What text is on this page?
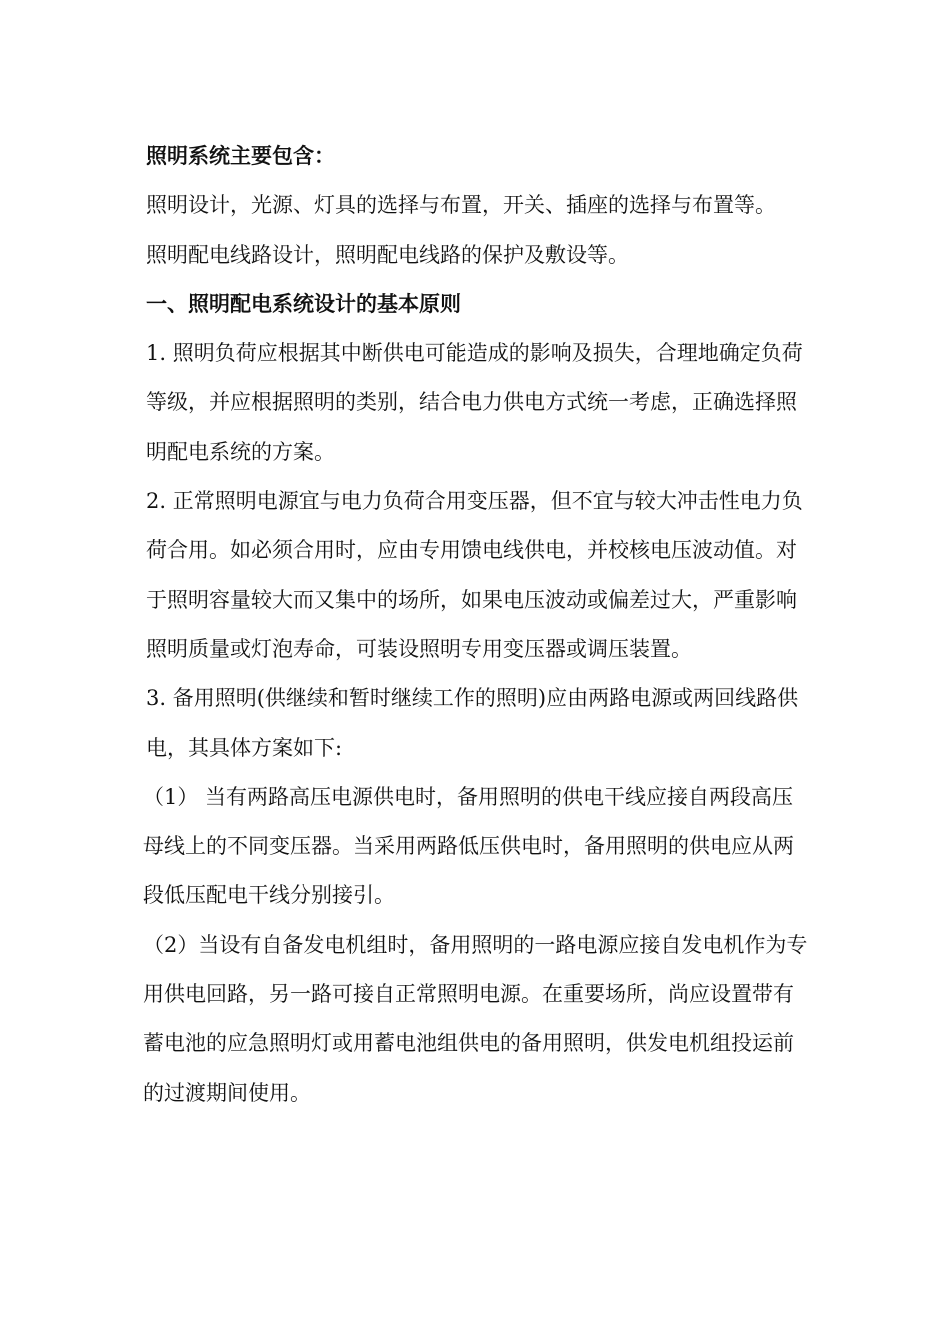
照明系统主要包含：

照明设计，光源、灯具的选择与布置，开关、插座的选择与布置等。

照明配电线路设计，照明配电线路的保护及敷设等。

一、照明配电系统设计的基本原则

1. 照明负荷应根据其中断供电可能造成的影响及损失，合理地确定负荷等级，并应根据照明的类别，结合电力供电方式统一考虑，正确选择照明配电系统的方案。

2. 正常照明电源宜与电力负荷合用变压器，但不宜与较大冲击性电力负荷合用。如必须合用时，应由专用馈电线供电，并校核电压波动值。对于照明容量较大而又集中的场所，如果电压波动或偏差过大，严重影响照明质量或灯泡寿命，可装设照明专用变压器或调压装置。

3. 备用照明(供继续和暂时继续工作的照明)应由两路电源或两回线路供电，其具体方案如下:

（1） 当有两路高压电源供电时，备用照明的供电干线应接自两段高压母线上的不同变压器。当采用两路低压供电时，备用照明的供电应从两段低压配电干线分别接引。

（2）当设有自备发电机组时，备用照明的一路电源应接自发电机作为专用供电回路，另一路可接自正常照明电源。在重要场所，尚应设置带有蓄电池的应急照明灯或用蓄电池组供电的备用照明，供发电机组投运前的过渡期间使用。
